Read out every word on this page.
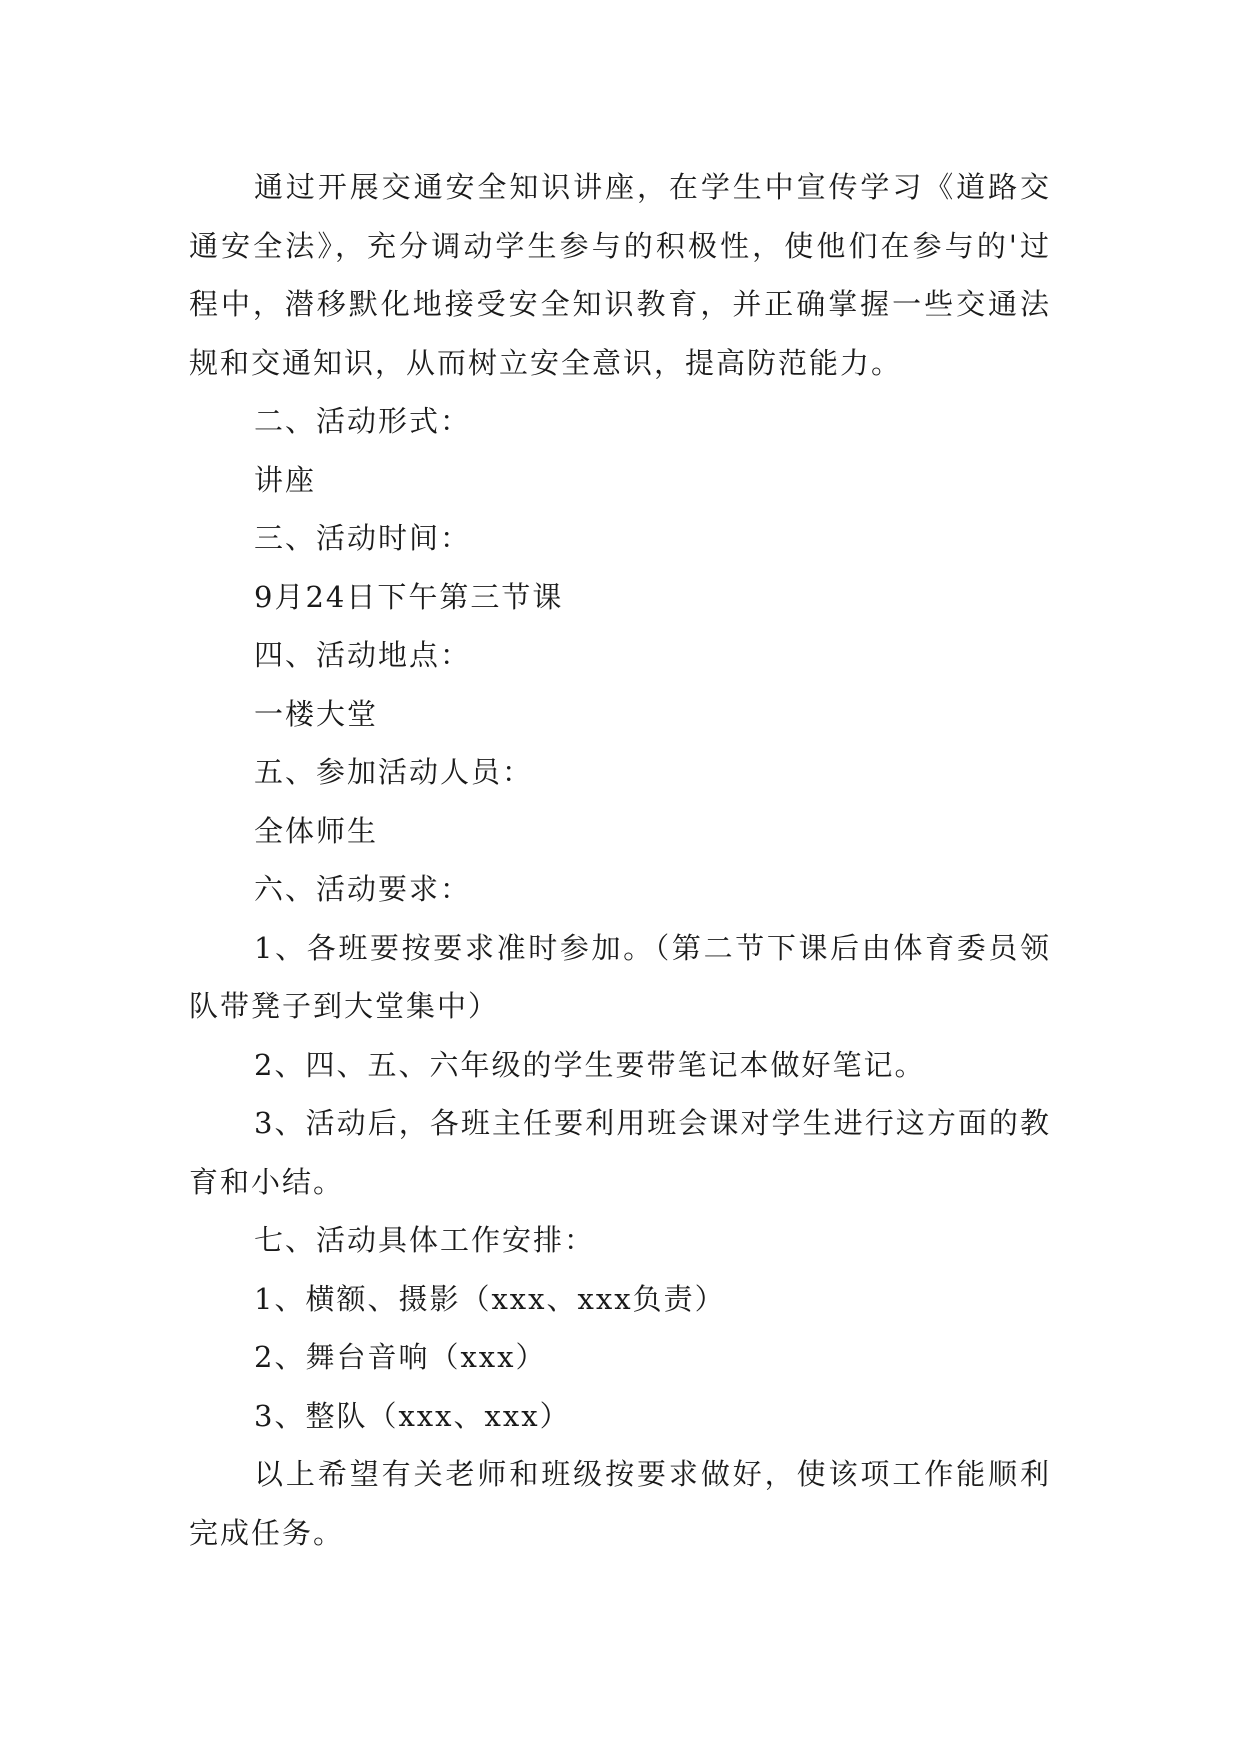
通过开展交通安全知识讲座，在学生中宣传学习《道路交通安全法》，充分调动学生参与的积极性，使他们在参与的'过程中，潜移默化地接受安全知识教育，并正确掌握一些交通法规和交通知识，从而树立安全意识，提高防范能力。

二、活动形式：

讲座

三、活动时间：

9月24日下午第三节课

四、活动地点：

一楼大堂

五、参加活动人员：

全体师生

六、活动要求：

1、各班要按要求准时参加。（第二节下课后由体育委员领队带凳子到大堂集中）

2、四、五、六年级的学生要带笔记本做好笔记。

3、活动后，各班主任要利用班会课对学生进行这方面的教育和小结。

七、活动具体工作安排：

1、横额、摄影（xxx、xxx负责）

2、舞台音响（xxx）

3、整队（xxx、xxx）

以上希望有关老师和班级按要求做好，使该项工作能顺利完成任务。
